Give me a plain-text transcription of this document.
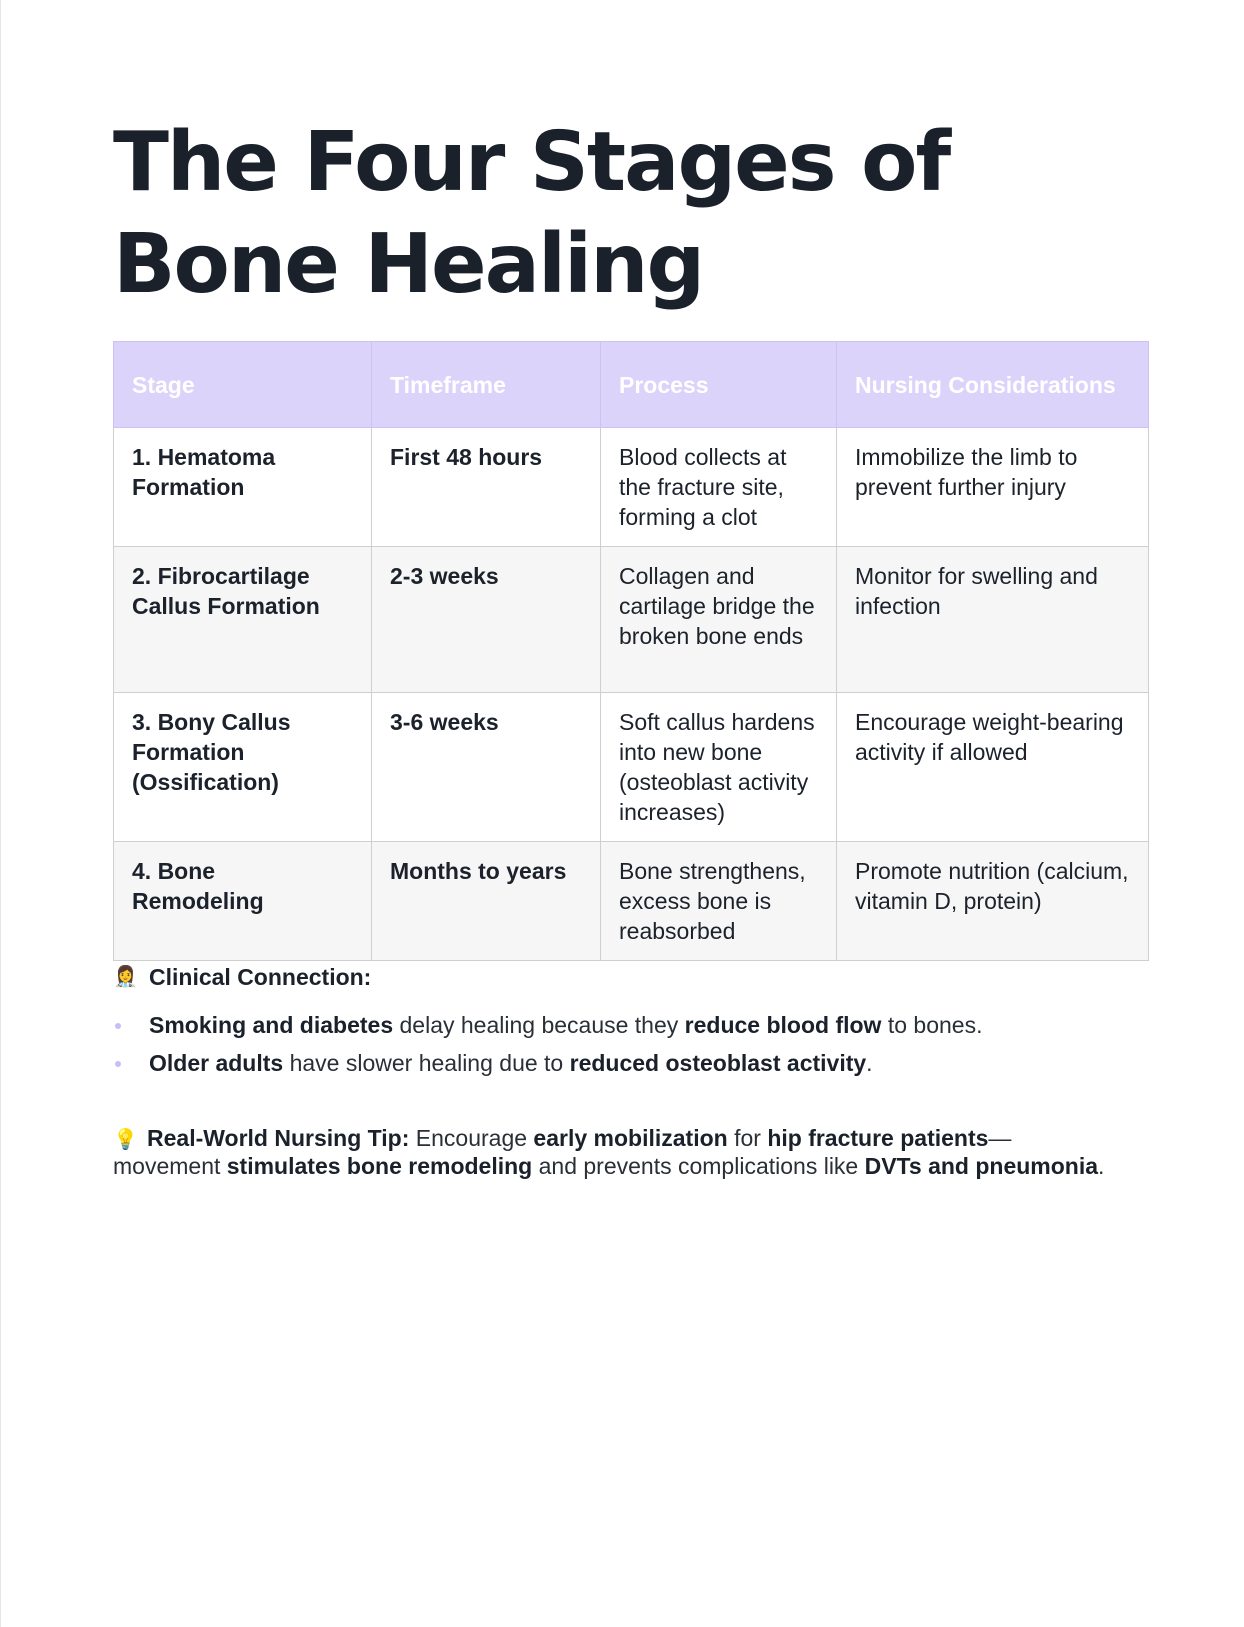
The Four Stages of
Bone Healing
Stage	Timeframe	Process	Nursing Considerations
1. Hematoma Formation	First 48 hours	Blood collects at the fracture site, forming a clot	Immobilize the limb to prevent further injury
2. Fibrocartilage Callus Formation	2-3 weeks	Collagen and cartilage bridge the broken bone ends	Monitor for swelling and infection
3. Bony Callus Formation (Ossification)	3-6 weeks	Soft callus hardens into new bone (osteoblast activity increases)	Encourage weight-bearing activity if allowed
4. Bone Remodeling	Months to years	Bone strengthens, excess bone is reabsorbed	Promote nutrition (calcium, vitamin D, protein)
👩‍⚕️ Clinical Connection:
Smoking and diabetes delay healing because they reduce blood flow to bones.
Older adults have slower healing due to reduced osteoblast activity.

💡 Real-World Nursing Tip: Encourage early mobilization for hip fracture patients— movement stimulates bone remodeling and prevents complications like DVTs and pneumonia.
